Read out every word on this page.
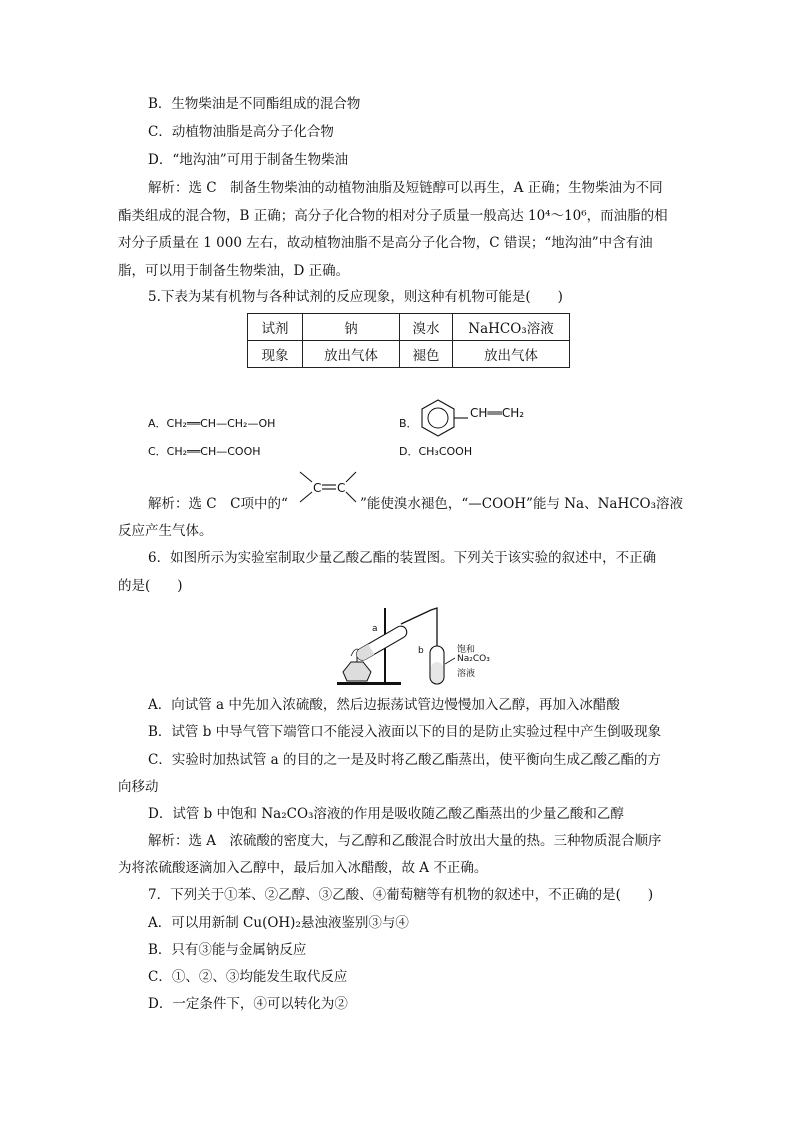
B．生物柴油是不同酯组成的混合物
C．动植物油脂是高分子化合物
D．“地沟油”可用于制备生物柴油
解析：选 C　制备生物柴油的动植物油脂及短链醇可以再生，A 正确；生物柴油为不同
酯类组成的混合物，B 正确；高分子化合物的相对分子质量一般高达 10⁴～10⁶，而油脂的相
对分子质量在 1 000 左右，故动植物油脂不是高分子化合物，C 错误；“地沟油”中含有油
脂，可以用于制备生物柴油，D 正确。
5.下表为某有机物与各种试剂的反应现象，则这种有机物可能是(　　)
试剂	钠	溴水	NaHCO₃溶液
现象	放出气体	褪色	放出气体
A．CH₂══CH—CH₂—OH	B．
CH══CH₂
C．CH₂══CH—COOH	D．CH₃COOH
解析：选 C　C项中的“
C C
”能使溴水褪色，“—COOH”能与 Na、NaHCO₃溶液
反应产生气体。
6．如图所示为实验室制取少量乙酸乙酯的装置图。下列关于该实验的叙述中，不正确
的是(　　)
a
b	饱和
Na₂CO₃
溶液
A．向试管 a 中先加入浓硫酸，然后边振荡试管边慢慢加入乙醇，再加入冰醋酸
B．试管 b 中导气管下端管口不能浸入液面以下的目的是防止实验过程中产生倒吸现象
C．实验时加热试管 a 的目的之一是及时将乙酸乙酯蒸出，使平衡向生成乙酸乙酯的方
向移动
D．试管 b 中饱和 Na₂CO₃溶液的作用是吸收随乙酸乙酯蒸出的少量乙酸和乙醇
解析：选 A　浓硫酸的密度大，与乙醇和乙酸混合时放出大量的热。三种物质混合顺序
为将浓硫酸逐滴加入乙醇中，最后加入冰醋酸，故 A 不正确。
7．下列关于①苯、②乙醇、③乙酸、④葡萄糖等有机物的叙述中，不正确的是(　　)
A．可以用新制 Cu(OH)₂悬浊液鉴别③与④
B．只有③能与金属钠反应
C．①、②、③均能发生取代反应
D．一定条件下，④可以转化为②
